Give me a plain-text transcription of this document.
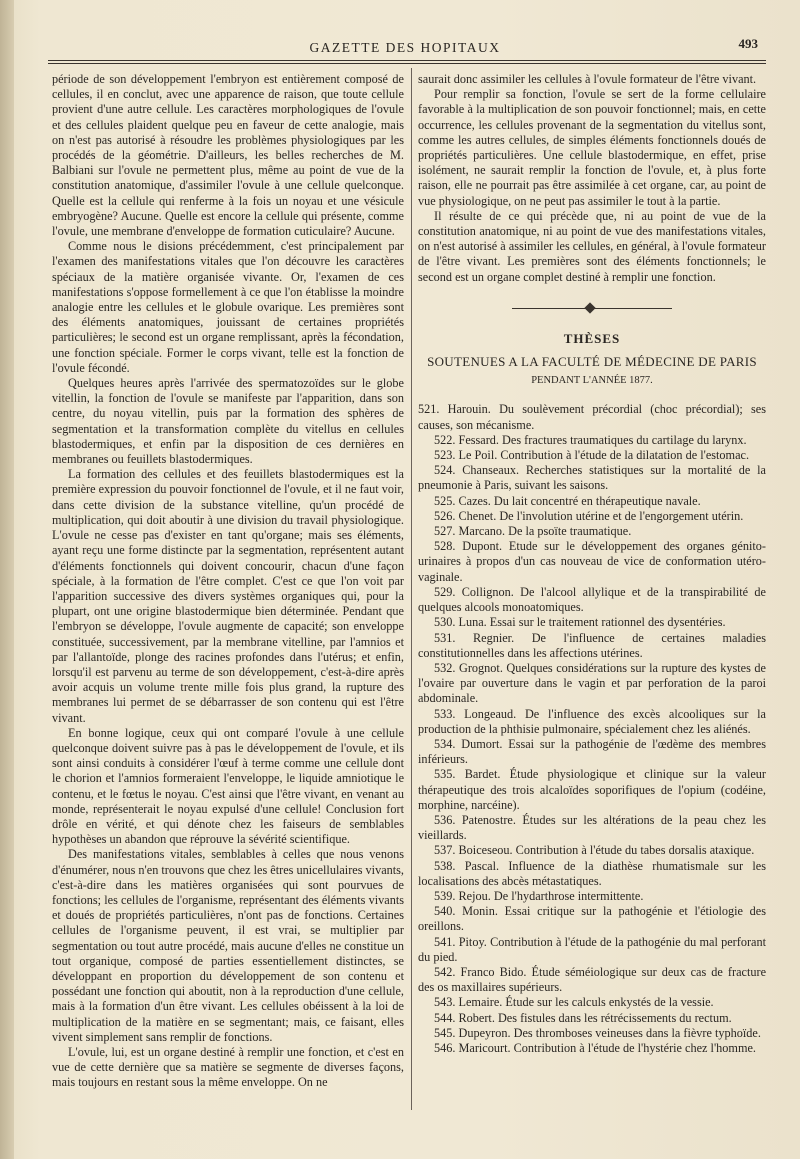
GAZETTE DES HOPITAUX	493

période de son développement l'embryon est entièrement composé de cellules, il en conclut, avec une apparence de raison, que toute cellule provient d'une autre cellule. Les caractères morphologiques de l'ovule et des cellules plaident quelque peu en faveur de cette analogie, mais on n'est pas autorisé à résoudre les problèmes physiologiques par les procédés de la géométrie. D'ailleurs, les belles recherches de M. Balbiani sur l'ovule ne permettent plus, même au point de vue de la constitution anatomique, d'assimiler l'ovule à une cellule quelconque. Quelle est la cellule qui renferme à la fois un noyau et une vésicule embryogène? Aucune. Quelle est encore la cellule qui présente, comme l'ovule, une membrane d'enveloppe de formation cuticulaire? Aucune.

Comme nous le disions précédemment, c'est principalement par l'examen des manifestations vitales que l'on découvre les caractères spéciaux de la matière organisée vivante. Or, l'examen de ces manifestations s'oppose formellement à ce que l'on établisse la moindre analogie entre les cellules et le globule ovarique. Les premières sont des éléments anatomiques, jouissant de certaines propriétés particulières; le second est un organe remplissant, après la fécondation, une fonction spéciale. Former le corps vivant, telle est la fonction de l'ovule fécondé.

Quelques heures après l'arrivée des spermatozoïdes sur le globe vitellin, la fonction de l'ovule se manifeste par l'apparition, dans son centre, du noyau vitellin, puis par la formation des sphères de segmentation et la transformation complète du vitellus en cellules blastodermiques, et enfin par la disposition de ces dernières en membranes ou feuillets blastodermiques.

La formation des cellules et des feuillets blastodermiques est la première expression du pouvoir fonctionnel de l'ovule, et il ne faut voir, dans cette division de la substance vitelline, qu'un procédé de multiplication, qui doit aboutir à une division du travail physiologique. L'ovule ne cesse pas d'exister en tant qu'organe; mais ses éléments, ayant reçu une forme distincte par la segmentation, représentent autant d'éléments fonctionnels qui doivent concourir, chacun d'une façon spéciale, à la formation de l'être complet. C'est ce que l'on voit par l'apparition successive des divers systèmes organiques qui, pour la plupart, ont une origine blastodermique bien déterminée. Pendant que l'embryon se développe, l'ovule augmente de capacité; son enveloppe constituée, successivement, par la membrane vitelline, par l'amnios et par l'allantoïde, plonge des racines profondes dans l'utérus; et enfin, lorsqu'il est parvenu au terme de son développement, c'est-à-dire après avoir acquis un volume trente mille fois plus grand, la rupture des membranes lui permet de se débarrasser de son contenu qui est l'être vivant.

En bonne logique, ceux qui ont comparé l'ovule à une cellule quelconque doivent suivre pas à pas le développement de l'ovule, et ils sont ainsi conduits à considérer l'œuf à terme comme une cellule dont le chorion et l'amnios formeraient l'enveloppe, le liquide amniotique le contenu, et le fœtus le noyau. C'est ainsi que l'être vivant, en venant au monde, représenterait le noyau expulsé d'une cellule! Conclusion fort drôle en vérité, et qui dénote chez les faiseurs de semblables hypothèses un abandon que réprouve la sévérité scientifique.

Des manifestations vitales, semblables à celles que nous venons d'énumérer, nous n'en trouvons que chez les êtres unicellulaires vivants, c'est-à-dire dans les matières organisées qui sont pourvues de fonctions; les cellules de l'organisme, représentant des éléments vivants et doués de propriétés particulières, n'ont pas de fonctions. Certaines cellules de l'organisme peuvent, il est vrai, se multiplier par segmentation ou tout autre procédé, mais aucune d'elles ne constitue un tout organique, composé de parties essentiellement distinctes, se développant en proportion du développement de son contenu et possédant une fonction qui aboutit, non à la reproduction d'une cellule, mais à la formation d'un être vivant. Les cellules obéissent à la loi de multiplication de la matière en se segmentant; mais, ce faisant, elles vivent simplement sans remplir de fonctions.

L'ovule, lui, est un organe destiné à remplir une fonction, et c'est en vue de cette dernière que sa matière se segmente de diverses façons, mais toujours en restant sous la même enveloppe. On ne

saurait donc assimiler les cellules à l'ovule formateur de l'être vivant.

Pour remplir sa fonction, l'ovule se sert de la forme cellulaire favorable à la multiplication de son pouvoir fonctionnel; mais, en cette occurrence, les cellules provenant de la segmentation du vitellus sont, comme les autres cellules, de simples éléments fonctionnels doués de propriétés particulières. Une cellule blastodermique, en effet, prise isolément, ne saurait remplir la fonction de l'ovule, et, à plus forte raison, elle ne pourrait pas être assimilée à cet organe, car, au point de vue physiologique, on ne peut pas assimiler le tout à la partie.

Il résulte de ce qui précède que, ni au point de vue de la constitution anatomique, ni au point de vue des manifestations vitales, on n'est autorisé à assimiler les cellules, en général, à l'ovule formateur de l'être vivant. Les premières sont des éléments fonctionnels; le second est un organe complet destiné à remplir une fonction.

THÈSES
SOUTENUES A LA FACULTÉ DE MÉDECINE DE PARIS
PENDANT L'ANNÉE 1877.

521. Harouin. Du soulèvement précordial (choc précordial); ses causes, son mécanisme.

522. Fessard. Des fractures traumatiques du cartilage du larynx.

523. Le Poil. Contribution à l'étude de la dilatation de l'estomac.

524. Chanseaux. Recherches statistiques sur la mortalité de la pneumonie à Paris, suivant les saisons.

525. Cazes. Du lait concentré en thérapeutique navale.

526. Chenet. De l'involution utérine et de l'engorgement utérin.

527. Marcano. De la psoïte traumatique.

528. Dupont. Etude sur le développement des organes génito-urinaires à propos d'un cas nouveau de vice de conformation utéro-vaginale.

529. Collignon. De l'alcool allylique et de la transpirabilité de quelques alcools monoatomiques.

530. Luna. Essai sur le traitement rationnel des dysentéries.

531. Regnier. De l'influence de certaines maladies constitutionnelles dans les affections utérines.

532. Grognot. Quelques considérations sur la rupture des kystes de l'ovaire par ouverture dans le vagin et par perforation de la paroi abdominale.

533. Longeaud. De l'influence des excès alcooliques sur la production de la phthisie pulmonaire, spécialement chez les aliénés.

534. Dumort. Essai sur la pathogénie de l'œdème des membres inférieurs.

535. Bardet. Étude physiologique et clinique sur la valeur thérapeutique des trois alcaloïdes soporifiques de l'opium (codéine, morphine, narcéine).

536. Patenostre. Études sur les altérations de la peau chez les vieillards.

537. Boiceseou. Contribution à l'étude du tabes dorsalis ataxique.

538. Pascal. Influence de la diathèse rhumatismale sur les localisations des abcès métastatiques.

539. Rejou. De l'hydarthrose intermittente.

540. Monin. Essai critique sur la pathogénie et l'étiologie des oreillons.

541. Pitoy. Contribution à l'étude de la pathogénie du mal perforant du pied.

542. Franco Bido. Étude séméiologique sur deux cas de fracture des os maxillaires supérieurs.

543. Lemaire. Étude sur les calculs enkystés de la vessie.

544. Robert. Des fistules dans les rétrécissements du rectum.

545. Dupeyron. Des thromboses veineuses dans la fièvre typhoïde.

546. Maricourt. Contribution à l'étude de l'hystérie chez l'homme.
